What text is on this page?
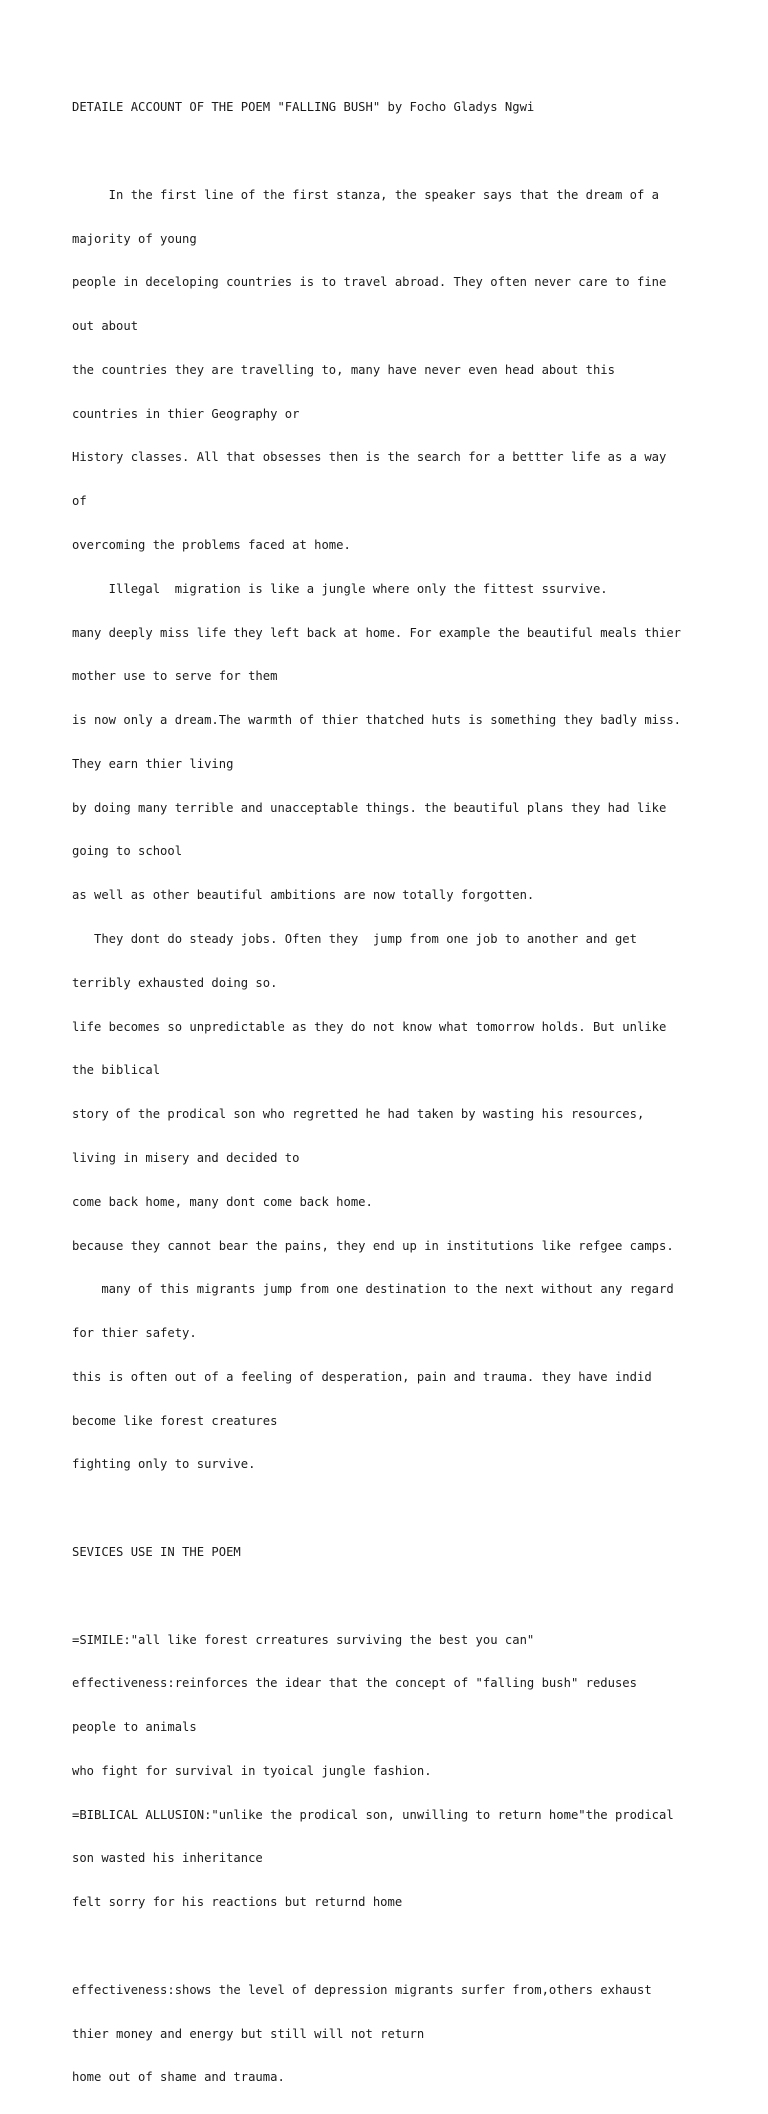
DETAILE ACCOUNT OF THE POEM "FALLING BUSH" by Focho Gladys Ngwi

In the first line of the first stanza, the speaker says that the dream of a

majority of young

people in deceloping countries is to travel abroad. They often never care to fine

out about

the countries they are travelling to, many have never even head about this

countries in thier Geography or

History classes. All that obsesses then is the search for a bettter life as a way

of

overcoming the problems faced at home.

Illegal  migration is like a jungle where only the fittest ssurvive.

many deeply miss life they left back at home. For example the beautiful meals thier

mother use to serve for them

is now only a dream.The warmth of thier thatched huts is something they badly miss.

They earn thier living

by doing many terrible and unacceptable things. the beautiful plans they had like

going to school

as well as other beautiful ambitions are now totally forgotten.

They dont do steady jobs. Often they  jump from one job to another and get

terribly exhausted doing so.

life becomes so unpredictable as they do not know what tomorrow holds. But unlike

the biblical

story of the prodical son who regretted he had taken by wasting his resources,

living in misery and decided to

come back home, many dont come back home.

because they cannot bear the pains, they end up in institutions like refgee camps.

many of this migrants jump from one destination to the next without any regard

for thier safety.

this is often out of a feeling of desperation, pain and trauma. they have indid

become like forest creatures

fighting only to survive.

SEVICES USE IN THE POEM

=SIMILE:"all like forest crreatures surviving the best you can"

effectiveness:reinforces the idear that the concept of "falling bush" reduses

people to animals

who fight for survival in tyoical jungle fashion.

=BIBLICAL ALLUSION:"unlike the prodical son, unwilling to return home"the prodical

son wasted his inheritance

felt sorry for his reactions but returnd home

effectiveness:shows the level of depression migrants surfer from,others exhaust

thier money and energy but still will not return

home out of shame and trauma.
